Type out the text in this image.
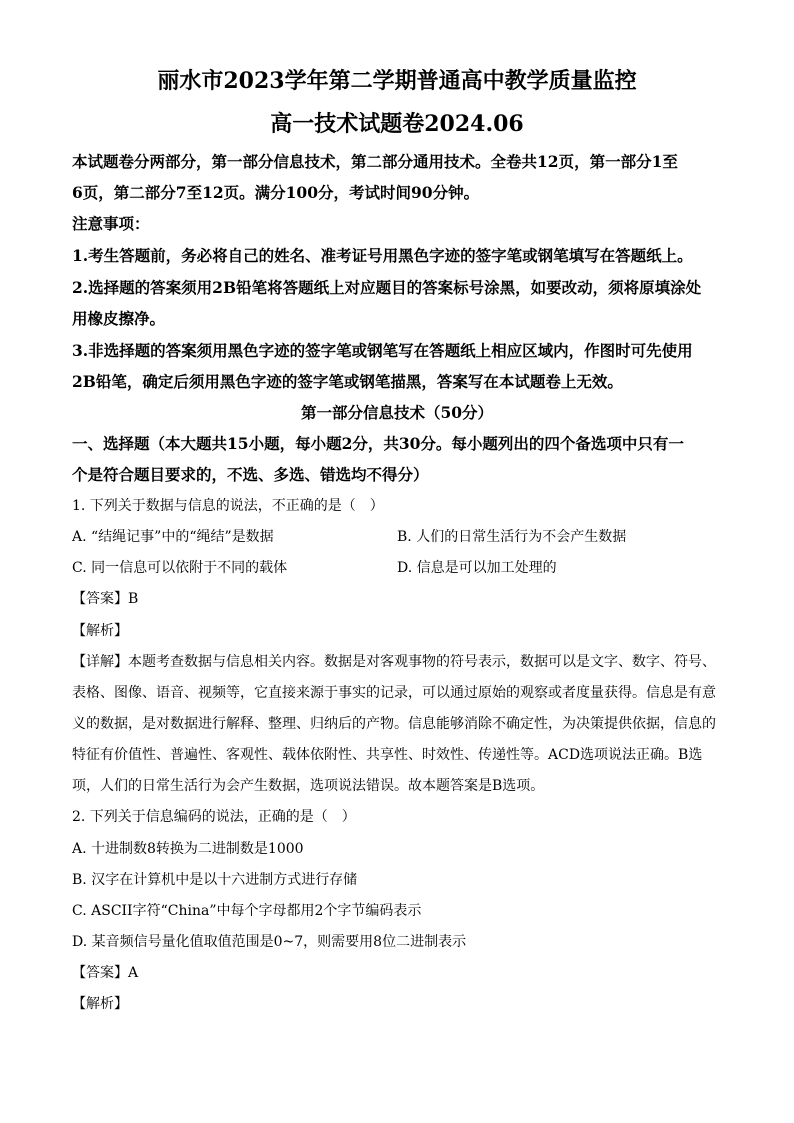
丽水市2023学年第二学期普通高中教学质量监控
高一技术试题卷2024.06
本试题卷分两部分，第一部分信息技术，第二部分通用技术。全卷共12页，第一部分1至
6页，第二部分7至12页。满分100分，考试时间90分钟。
注意事项：
1.考生答题前，务必将自己的姓名、准考证号用黑色字迹的签字笔或钢笔填写在答题纸上。
2.选择题的答案须用2B铅笔将答题纸上对应题目的答案标号涂黑，如要改动，须将原填涂处
用橡皮擦净。
3.非选择题的答案须用黑色字迹的签字笔或钢笔写在答题纸上相应区域内，作图时可先使用
2B铅笔，确定后须用黑色字迹的签字笔或钢笔描黑，答案写在本试题卷上无效。
第一部分信息技术（50分）
一、选择题（本大题共15小题，每小题2分，共30分。每小题列出的四个备选项中只有一
个是符合题目要求的，不选、多选、错选均不得分）
1. 下列关于数据与信息的说法，不正确的是（　）
A. “结绳记事”中的“绳结”是数据	B. 人们的日常生活行为不会产生数据
C. 同一信息可以依附于不同的载体	D. 信息是可以加工处理的
【答案】B
【解析】
【详解】本题考查数据与信息相关内容。数据是对客观事物的符号表示，数据可以是文字、数字、符号、
表格、图像、语音、视频等，它直接来源于事实的记录，可以通过原始的观察或者度量获得。信息是有意
义的数据，是对数据进行解释、整理、归纳后的产物。信息能够消除不确定性，为决策提供依据，信息的
特征有价值性、普遍性、客观性、载体依附性、共享性、时效性、传递性等。ACD选项说法正确。B选
项，人们的日常生活行为会产生数据，选项说法错误。故本题答案是B选项。
2. 下列关于信息编码的说法，正确的是（　）
A. 十进制数8转换为二进制数是1000
B. 汉字在计算机中是以十六进制方式进行存储
C. ASCII字符“China”中每个字母都用2个字节编码表示
D. 某音频信号量化值取值范围是0~7，则需要用8位二进制表示
【答案】A
【解析】
